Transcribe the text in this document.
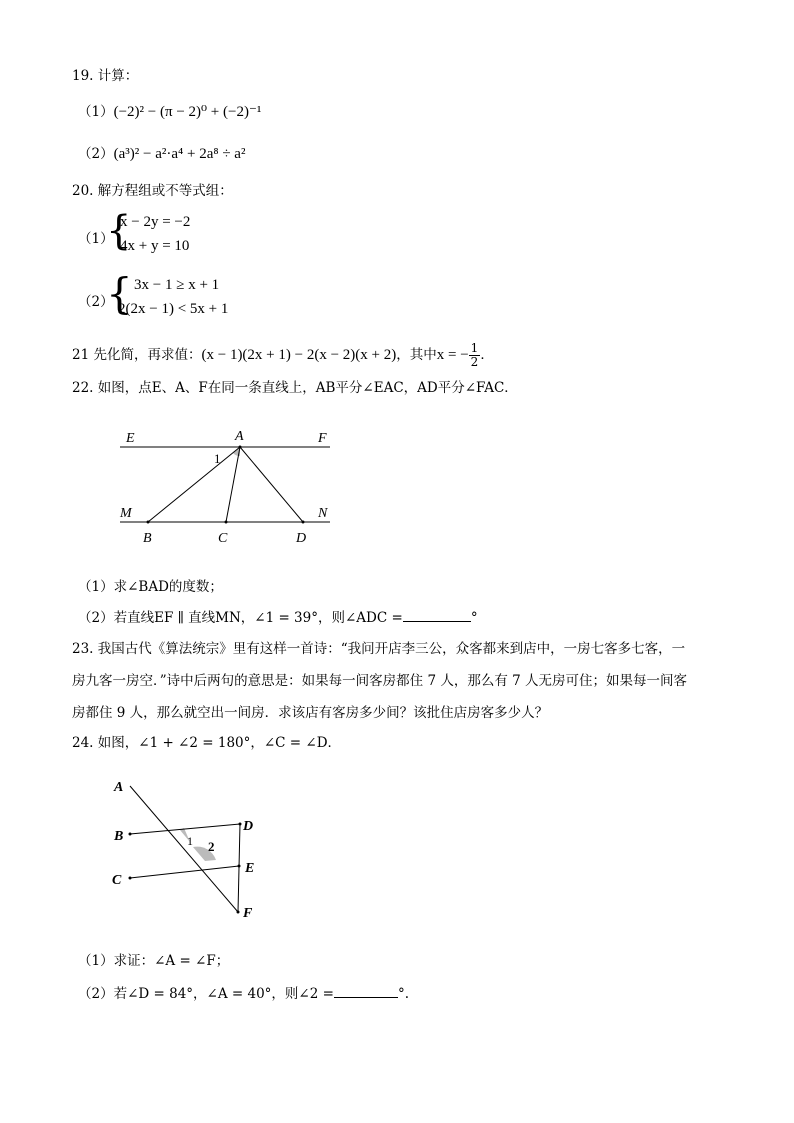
19. 计算：
（1）(−2)² − (π − 2)⁰ + (−2)⁻¹
（2）(a³)² − a²·a⁴ + 2a⁸ ÷ a²
20. 解方程组或不等式组：
（1）
{
x − 2y = −2
4x + y = 10
（2）
{ 3x − 1 ≥ x + 1
2(2x − 1) < 5x + 1
21 先化简，再求值：(x − 1)(2x + 1) − 2(x − 2)(x + 2)，其中x = − $\frac{1}{2}$ ．
22. 如图，点E、A、F在同一条直线上，AB平分∠EAC，AD平分∠FAC．
E	A	F
1
M	N
B	C	D
（1）求∠BAD的度数；
（2）若直线EF ∥ 直线MN，∠1 = 39°，则∠ADC =	°
23. 我国古代《算法统宗》里有这样一首诗：“我问开店李三公，众客都来到店中，一房七客多七客，一
房九客一房空．”诗中后两句的意思是：如果每一间客房都住 7 人，那么有 7 人无房可住；如果每一间客
房都住 9 人，那么就空出一间房．求该店有客房多少间？该批住店房客多少人？
24. 如图，∠1 + ∠2 = 180°，∠C = ∠D．
A
B
C
D
E
F
1 2
（1）求证：∠A = ∠F；
（2）若∠D = 84°，∠A = 40°，则∠2 =	°.
